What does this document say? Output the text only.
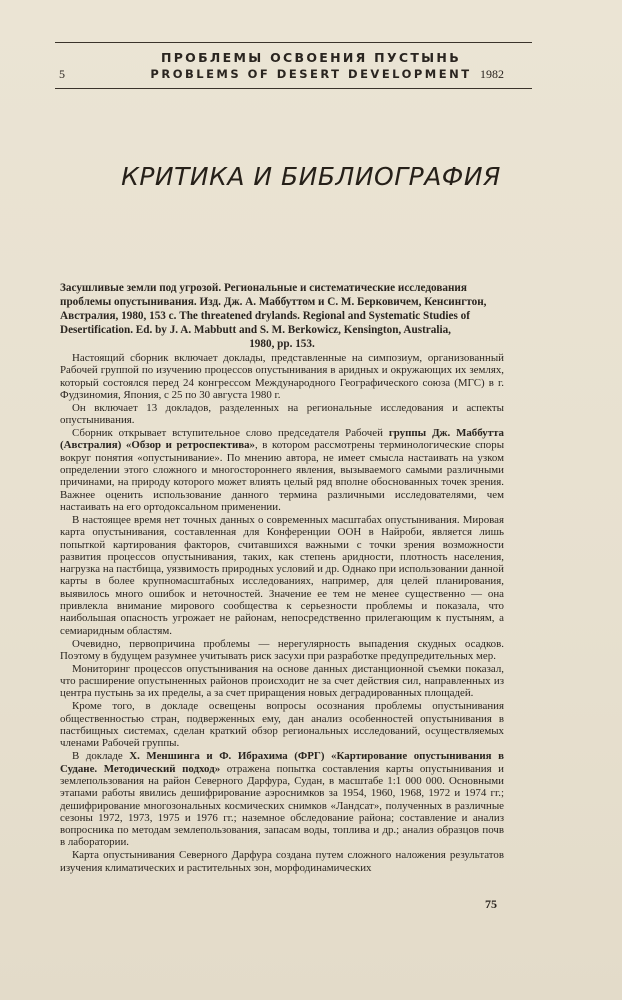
ПРОБЛЕМЫ ОСВОЕНИЯ ПУСТЫНЬ
5	PROBLEMS OF DESERT DEVELOPMENT 1982
КРИТИКА И БИБЛИОГРАФИЯ
Засушливые земли под угрозой. Региональные и систематические исследования
проблемы опустынивания. Изд. Дж. А. Маббуттом и С. М. Берковичем, Кенсингтон,
Австралия, 1980, 153 с. The threatened drylands. Regional and Systematic Studies of
Desertification. Ed. by J. A. Mabbutt and S. M. Berkowicz, Kensington, Australia,
1980, pp. 153.

Настоящий сборник включает доклады, представленные на симпозиум, организованный Рабочей группой по изучению процессов опустынивания в аридных и окружающих их землях, который состоялся перед 24 конгрессом Международного Географического союза (МГС) в г. Фудзиномия, Япония, с 25 по 30 августа 1980 г.

Он включает 13 докладов, разделенных на региональные исследования и аспекты опустынивания.

Сборник открывает вступительное слово председателя Рабочей группы Дж. Маббутта (Австралия) «Обзор и ретроспектива», в котором рассмотрены терминологические споры вокруг понятия «опустынивание». По мнению автора, не имеет смысла настаивать на узком определении этого сложного и многостороннего явления, вызываемого самыми различными причинами, на природу которого может влиять целый ряд вполне обоснованных точек зрения. Важнее оценить использование данного термина различными исследователями, чем настаивать на его ортодоксальном применении.

В настоящее время нет точных данных о современных масштабах опустынивания. Мировая карта опустынивания, составленная для Конференции ООН в Найроби, является лишь попыткой картирования факторов, считавшихся важными с точки зрения возможности развития процессов опустынивания, таких, как степень аридности, плотность населения, нагрузка на пастбища, уязвимость природных условий и др. Однако при использовании данной карты в более крупномасштабных исследованиях, например, для целей планирования, выявилось много ошибок и неточностей. Значение ее тем не менее существенно — она привлекла внимание мирового сообщества к серьезности проблемы и показала, что наибольшая опасность угрожает не районам, непосредственно прилегающим к пустыням, а семиаридным областям.

Очевидно, первопричина проблемы — нерегулярность выпадения скудных осадков. Поэтому в будущем разумнее учитывать риск засухи при разработке предупредительных мер.

Мониторинг процессов опустынивания на основе данных дистанционной съемки показал, что расширение опустыненных районов происходит не за счет действия сил, направленных из центра пустынь за их пределы, а за счет приращения новых деградированных площадей.

Кроме того, в докладе освещены вопросы осознания проблемы опустынивания общественностью стран, подверженных ему, дан анализ особенностей опустынивания в пастбищных системах, сделан краткий обзор региональных исследований, осуществляемых членами Рабочей группы.

В докладе Х. Меншинга и Ф. Ибрахима (ФРГ) «Картирование опустынивания в Судане. Методический подход» отражена попытка составления карты опустынивания и землепользования на район Северного Дарфура, Судан, в масштабе 1:1 000 000. Основными этапами работы явились дешифрирование аэроснимков за 1954, 1960, 1968, 1972 и 1974 гг.; дешифрирование многозональных космических снимков «Ландсат», полученных в различные сезоны 1972, 1973, 1975 и 1976 гг.; наземное обследование района; составление и анализ вопросника по методам землепользования, запасам воды, топлива и др.; анализ образцов почв в лаборатории.

Карта опустынивания Северного Дарфура создана путем сложного наложения результатов изучения климатических и растительных зон, морфодинамических

75
